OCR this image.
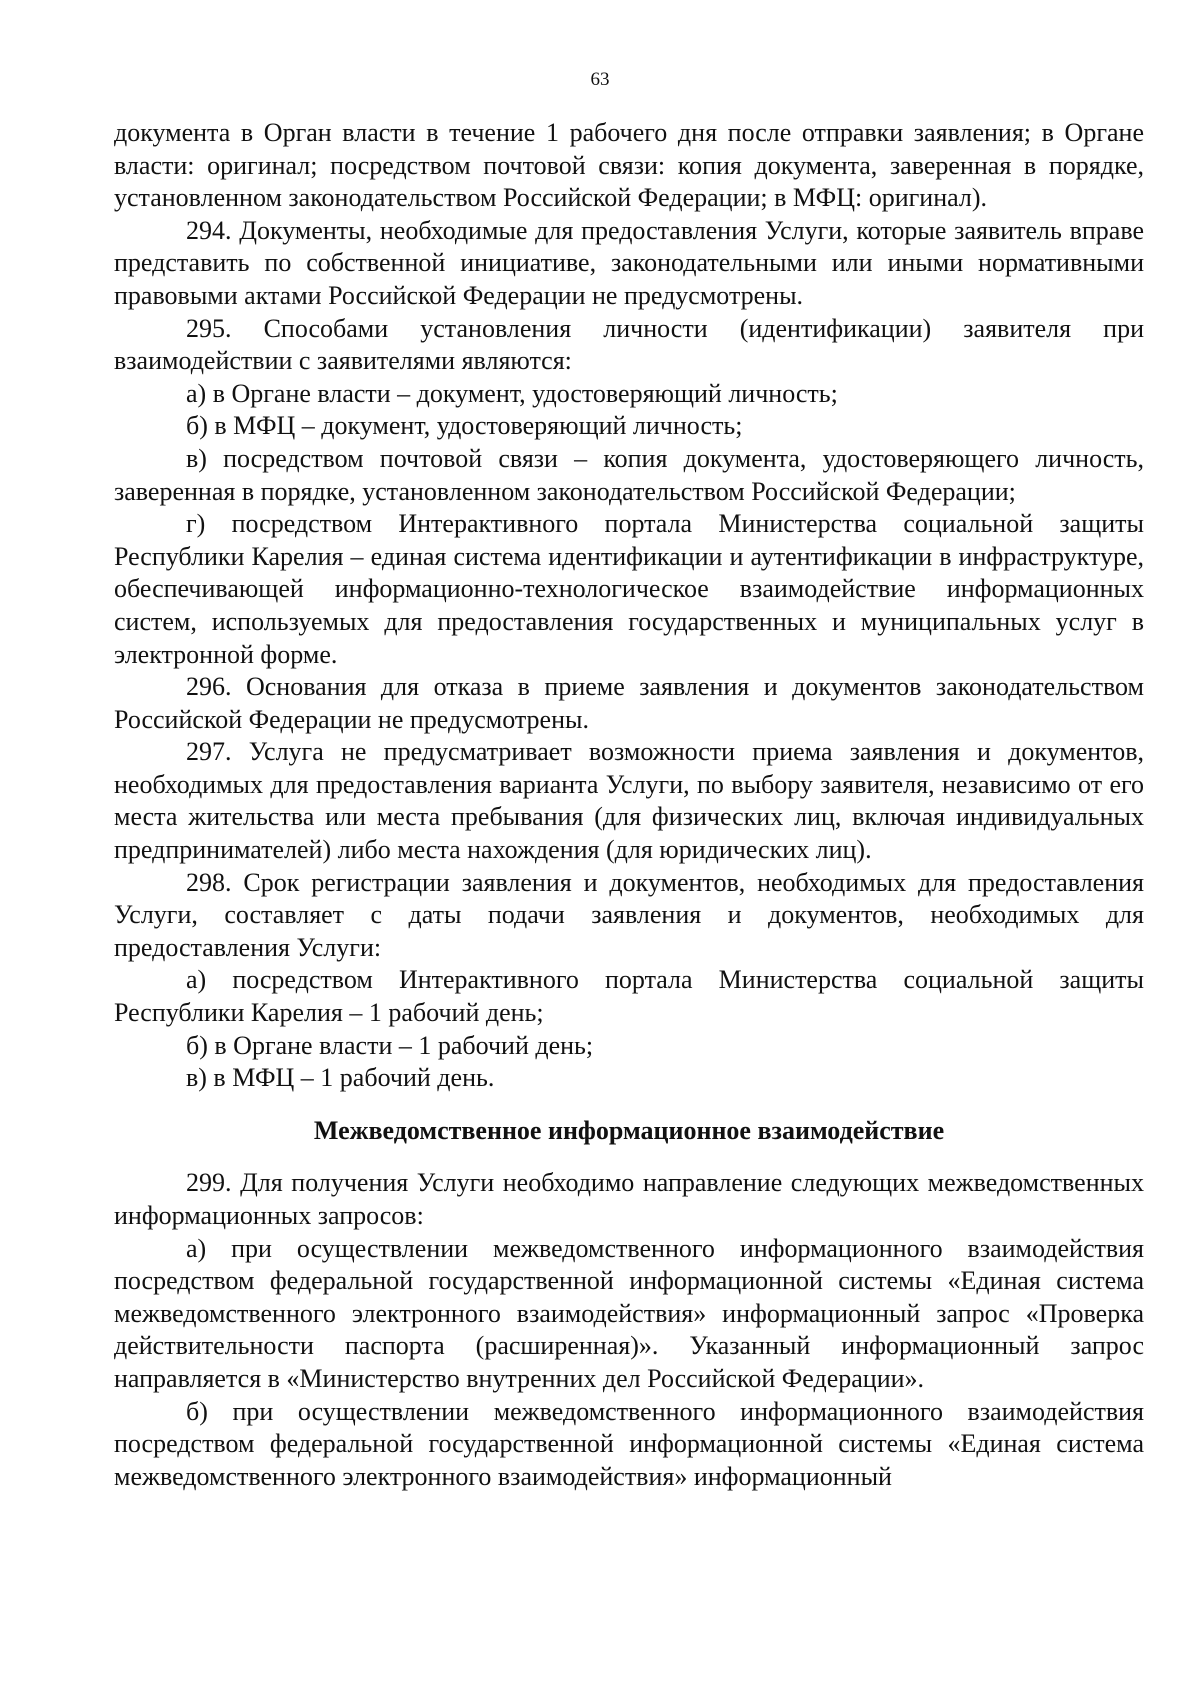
63

документа в Орган власти в течение 1 рабочего дня после отправки заявления; в Органе власти: оригинал; посредством почтовой связи: копия документа, заверенная в порядке, установленном законодательством Российской Федерации; в МФЦ: оригинал).

294. Документы, необходимые для предоставления Услуги, которые заявитель вправе представить по собственной инициативе, законодательными или иными нормативными правовыми актами Российской Федерации не предусмотрены.

295. Способами установления личности (идентификации) заявителя при взаимодействии с заявителями являются:

а) в Органе власти – документ, удостоверяющий личность;

б) в МФЦ – документ, удостоверяющий личность;

в) посредством почтовой связи – копия документа, удостоверяющего личность, заверенная в порядке, установленном законодательством Российской Федерации;

г) посредством Интерактивного портала Министерства социальной защиты Республики Карелия – единая система идентификации и аутентификации в инфраструктуре, обеспечивающей информационно-технологическое взаимодействие информационных систем, используемых для предоставления государственных и муниципальных услуг в электронной форме.

296. Основания для отказа в приеме заявления и документов законодательством Российской Федерации не предусмотрены.

297. Услуга не предусматривает возможности приема заявления и документов, необходимых для предоставления варианта Услуги, по выбору заявителя, независимо от его места жительства или места пребывания (для физических лиц, включая индивидуальных предпринимателей) либо места нахождения (для юридических лиц).

298. Срок регистрации заявления и документов, необходимых для предоставления Услуги, составляет с даты подачи заявления и документов, необходимых для предоставления Услуги:

а) посредством Интерактивного портала Министерства социальной защиты Республики Карелия – 1 рабочий день;

б) в Органе власти – 1 рабочий день;

в) в МФЦ – 1 рабочий день.

Межведомственное информационное взаимодействие

299. Для получения Услуги необходимо направление следующих межведомственных информационных запросов:

а) при осуществлении межведомственного информационного взаимодействия посредством федеральной государственной информационной системы «Единая система межведомственного электронного взаимодействия» информационный запрос «Проверка действительности паспорта (расширенная)». Указанный информационный запрос направляется в «Министерство внутренних дел Российской Федерации».

б) при осуществлении межведомственного информационного взаимодействия посредством федеральной государственной информационной системы «Единая система межведомственного электронного взаимодействия» информационный
